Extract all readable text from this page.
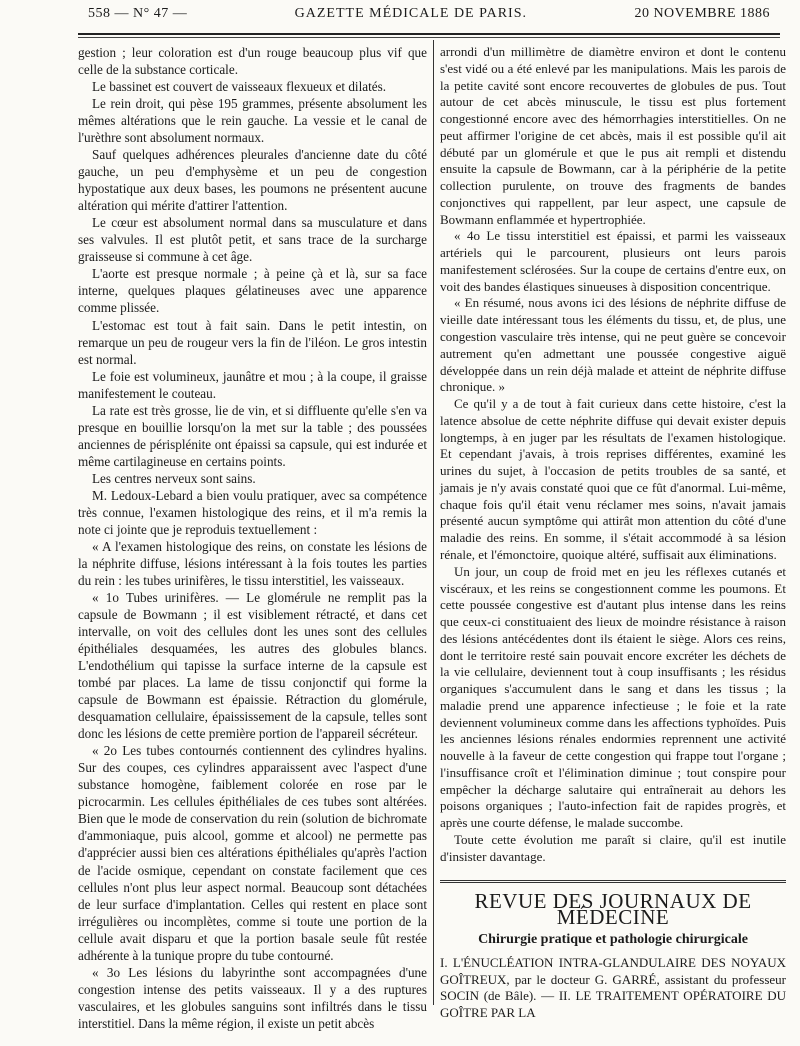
558 — N° 47 —	GAZETTE MÉDICALE DE PARIS.	20 NOVEMBRE 1886

gestion ; leur coloration est d'un rouge beaucoup plus vif que celle de la substance corticale.

Le bassinet est couvert de vaisseaux flexueux et dilatés.

Le rein droit, qui pèse 195 grammes, présente absolument les mêmes altérations que le rein gauche. La vessie et le canal de l'urèthre sont absolument normaux.

Sauf quelques adhérences pleurales d'ancienne date du côté gauche, un peu d'emphysème et un peu de congestion hypostatique aux deux bases, les poumons ne présentent aucune altération qui mérite d'attirer l'attention.

Le cœur est absolument normal dans sa musculature et dans ses valvules. Il est plutôt petit, et sans trace de la surcharge graisseuse si commune à cet âge.

L'aorte est presque normale ; à peine çà et là, sur sa face interne, quelques plaques gélatineuses avec une apparence comme plissée.

L'estomac est tout à fait sain. Dans le petit intestin, on remarque un peu de rougeur vers la fin de l'iléon. Le gros intestin est normal.

Le foie est volumineux, jaunâtre et mou ; à la coupe, il graisse manifestement le couteau.

La rate est très grosse, lie de vin, et si diffluente qu'elle s'en va presque en bouillie lorsqu'on la met sur la table ; des poussées anciennes de périsplénite ont épaissi sa capsule, qui est indurée et même cartilagineuse en certains points.

Les centres nerveux sont sains.

M. Ledoux-Lebard a bien voulu pratiquer, avec sa compétence très connue, l'examen histologique des reins, et il m'a remis la note ci jointe que je reproduis textuellement :

« A l'examen histologique des reins, on constate les lésions de la néphrite diffuse, lésions intéressant à la fois toutes les parties du rein : les tubes urinifères, le tissu interstitiel, les vaisseaux.

« 1o Tubes urinifères. — Le glomérule ne remplit pas la capsule de Bowmann ; il est visiblement rétracté, et dans cet intervalle, on voit des cellules dont les unes sont des cellules épithéliales desquamées, les autres des globules blancs. L'endothélium qui tapisse la surface interne de la capsule est tombé par places. La lame de tissu conjonctif qui forme la capsule de Bowmann est épaissie. Rétraction du glomérule, desquamation cellulaire, épaississement de la capsule, telles sont donc les lésions de cette première portion de l'appareil sécréteur.

« 2o Les tubes contournés contiennent des cylindres hyalins. Sur des coupes, ces cylindres apparaissent avec l'aspect d'une substance homogène, faiblement colorée en rose par le picrocarmin. Les cellules épithéliales de ces tubes sont altérées. Bien que le mode de conservation du rein (solution de bichromate d'ammoniaque, puis alcool, gomme et alcool) ne permette pas d'apprécier aussi bien ces altérations épithéliales qu'après l'action de l'acide osmique, cependant on constate facilement que ces cellules n'ont plus leur aspect normal. Beaucoup sont détachées de leur surface d'implantation. Celles qui restent en place sont irrégulières ou incomplètes, comme si toute une portion de la cellule avait disparu et que la portion basale seule fût restée adhérente à la tunique propre du tube contourné.

« 3o Les lésions du labyrinthe sont accompagnées d'une congestion intense des petits vaisseaux. Il y a des ruptures vasculaires, et les globules sanguins sont infiltrés dans le tissu interstitiel. Dans la même région, il existe un petit abcès

arrondi d'un millimètre de diamètre environ et dont le contenu s'est vidé ou a été enlevé par les manipulations. Mais les parois de la petite cavité sont encore recouvertes de globules de pus. Tout autour de cet abcès minuscule, le tissu est plus fortement congestionné encore avec des hémorrhagies interstitielles. On ne peut affirmer l'origine de cet abcès, mais il est possible qu'il ait débuté par un glomérule et que le pus ait rempli et distendu ensuite la capsule de Bowmann, car à la périphérie de la petite collection purulente, on trouve des fragments de bandes conjonctives qui rappellent, par leur aspect, une capsule de Bowmann enflammée et hypertrophiée.

« 4o Le tissu interstitiel est épaissi, et parmi les vaisseaux artériels qui le parcourent, plusieurs ont leurs parois manifestement sclérosées. Sur la coupe de certains d'entre eux, on voit des bandes élastiques sinueuses à disposition concentrique.

« En résumé, nous avons ici des lésions de néphrite diffuse de vieille date intéressant tous les éléments du tissu, et, de plus, une congestion vasculaire très intense, qui ne peut guère se concevoir autrement qu'en admettant une poussée congestive aiguë développée dans un rein déjà malade et atteint de néphrite diffuse chronique. »

Ce qu'il y a de tout à fait curieux dans cette histoire, c'est la latence absolue de cette néphrite diffuse qui devait exister depuis longtemps, à en juger par les résultats de l'examen histologique. Et cependant j'avais, à trois reprises différentes, examiné les urines du sujet, à l'occasion de petits troubles de sa santé, et jamais je n'y avais constaté quoi que ce fût d'anormal. Lui-même, chaque fois qu'il était venu réclamer mes soins, n'avait jamais présenté aucun symptôme qui attirât mon attention du côté d'une maladie des reins. En somme, il s'était accommodé à sa lésion rénale, et l'émonctoire, quoique altéré, suffisait aux éliminations.

Un jour, un coup de froid met en jeu les réflexes cutanés et viscéraux, et les reins se congestionnent comme les poumons. Et cette poussée congestive est d'autant plus intense dans les reins que ceux-ci constituaient des lieux de moindre résistance à raison des lésions antécédentes dont ils étaient le siège. Alors ces reins, dont le territoire resté sain pouvait encore excréter les déchets de la vie cellulaire, deviennent tout à coup insuffisants ; les résidus organiques s'accumulent dans le sang et dans les tissus ; la maladie prend une apparence infectieuse ; le foie et la rate deviennent volumineux comme dans les affections typhoïdes. Puis les anciennes lésions rénales endormies reprennent une activité nouvelle à la faveur de cette congestion qui frappe tout l'organe ; l'insuffisance croît et l'élimination diminue ; tout conspire pour empêcher la décharge salutaire qui entraînerait au dehors les poisons organiques ; l'auto-infection fait de rapides progrès, et après une courte défense, le malade succombe.

Toute cette évolution me paraît si claire, qu'il est inutile d'insister davantage.

REVUE DES JOURNAUX DE MÉDECINE
Chirurgie pratique et pathologie chirurgicale

I. L'ÉNUCLÉATION INTRA-GLANDULAIRE DES NOYAUX GOÎTREUX, par le docteur G. GARRÉ, assistant du professeur SOCIN (de Bâle). — II. LE TRAITEMENT OPÉRATOIRE DU GOÎTRE PAR LA
